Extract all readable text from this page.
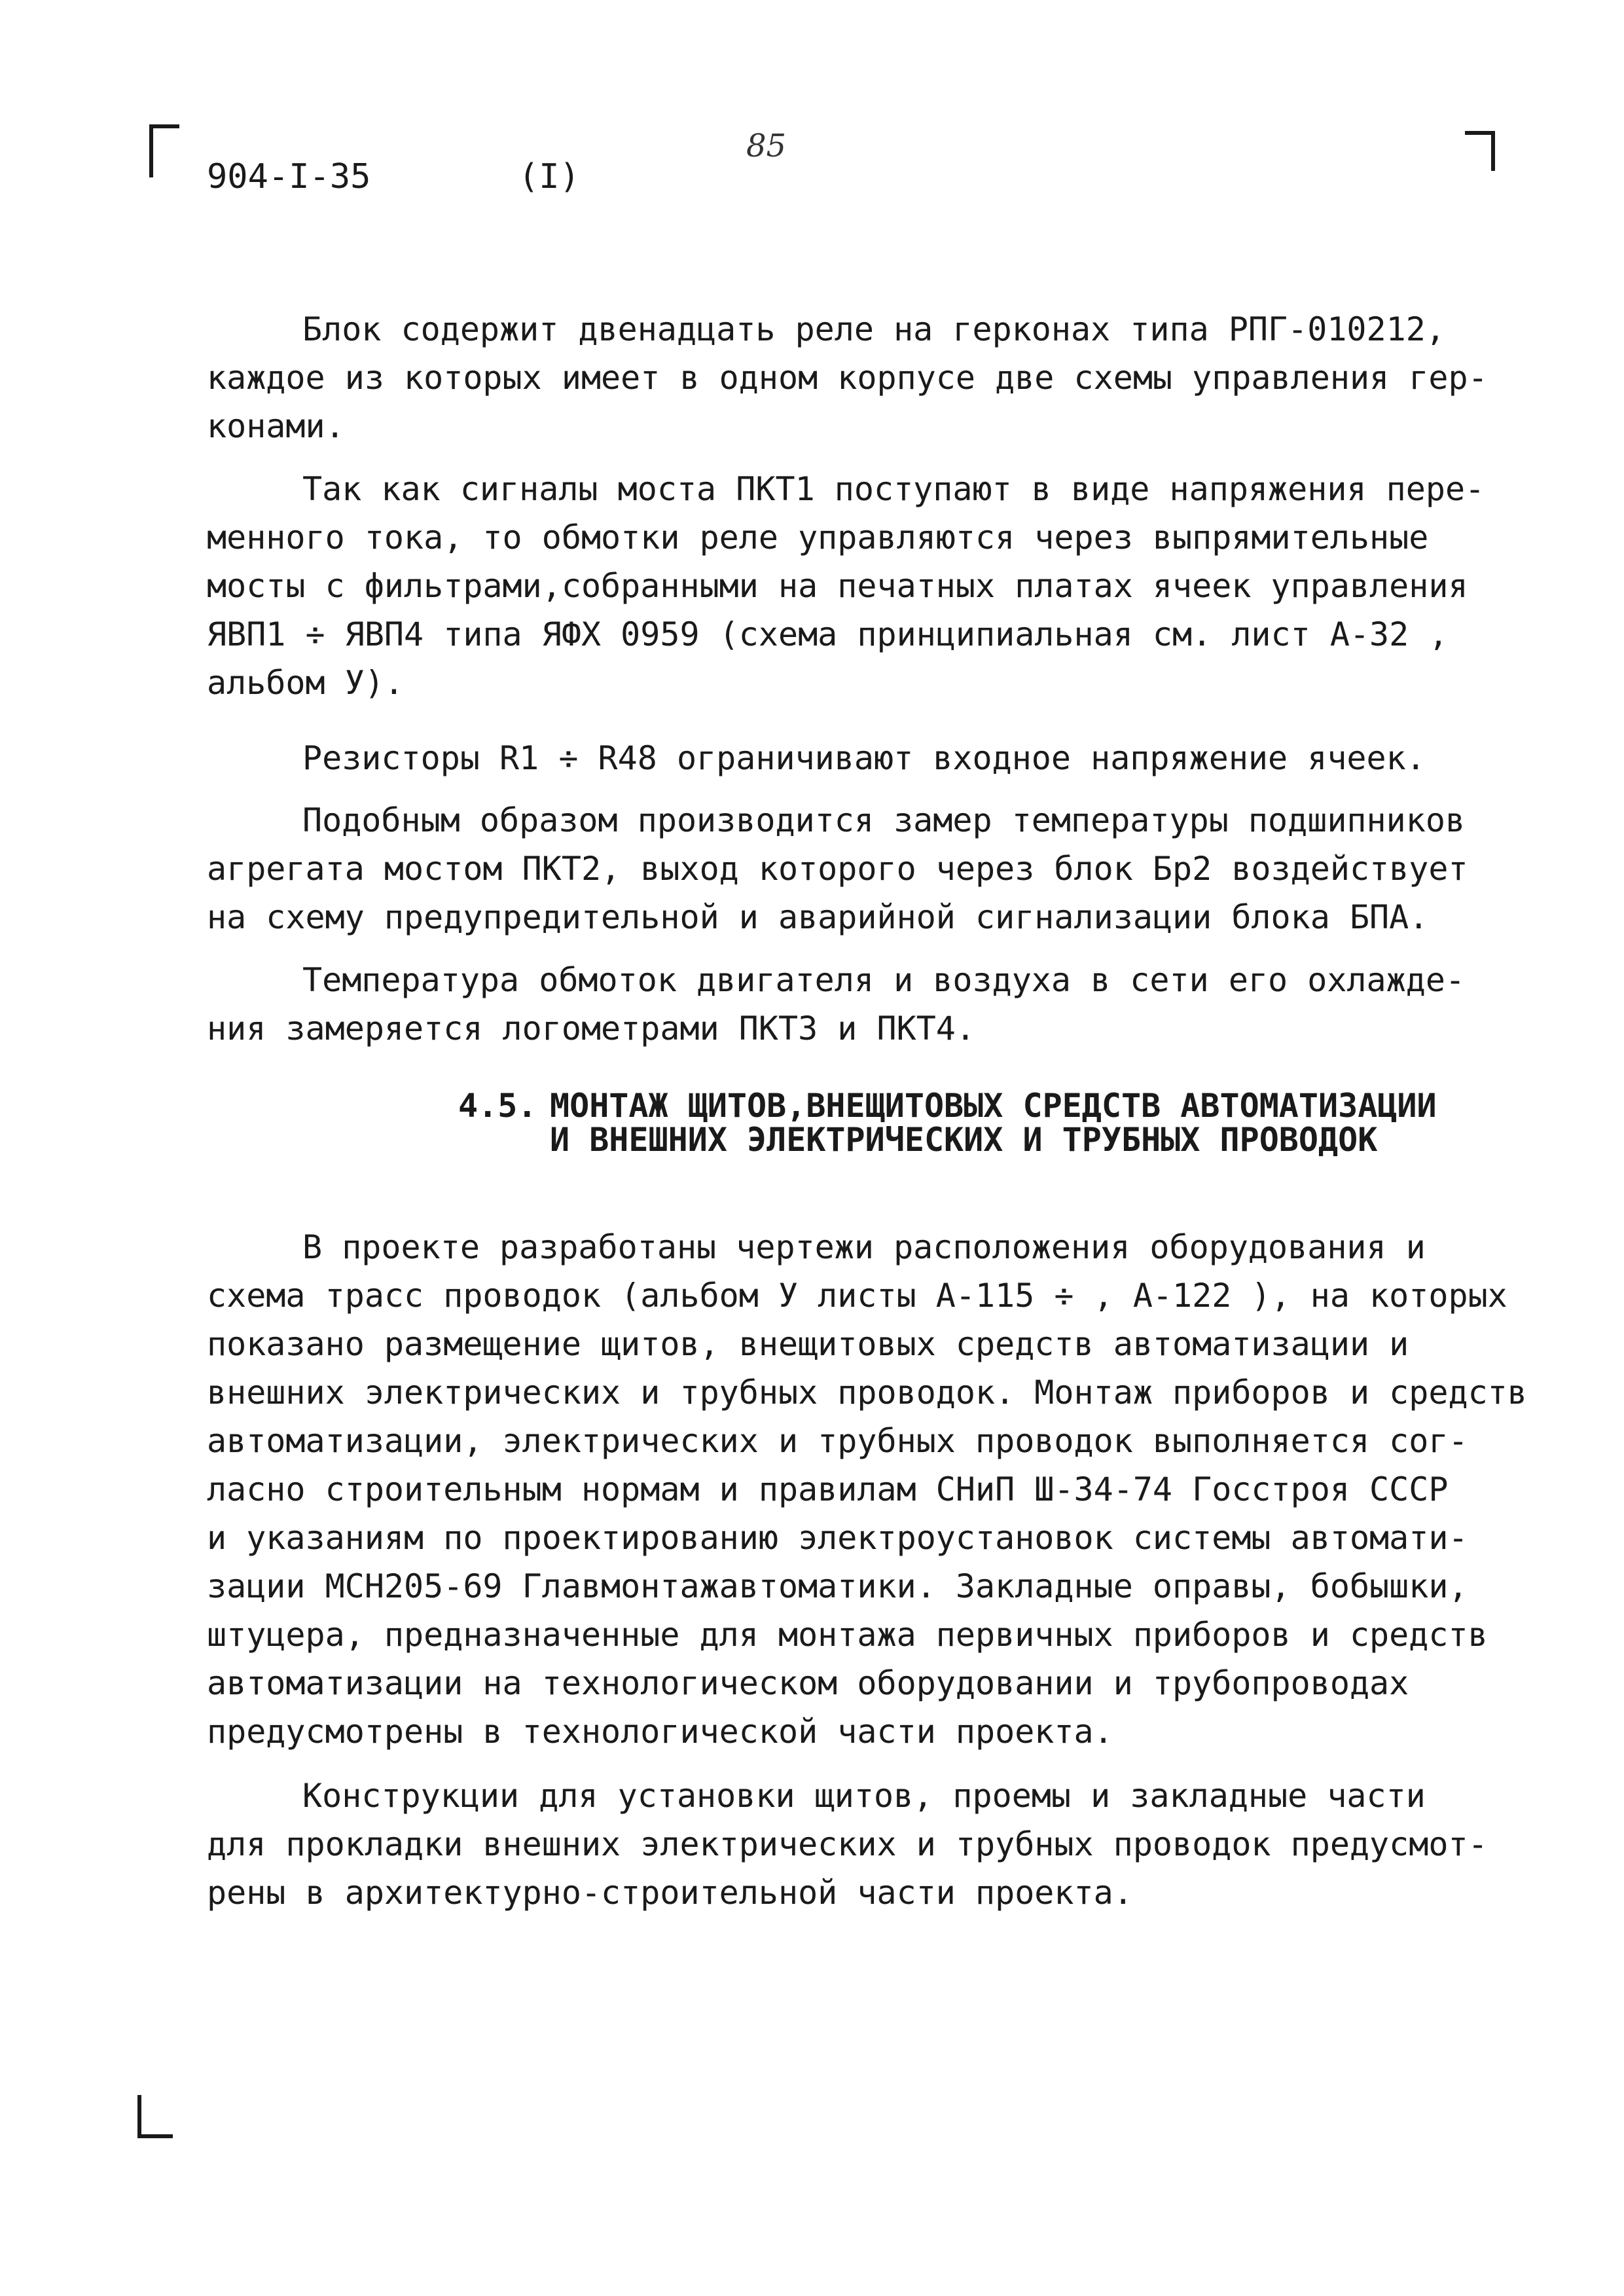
904-I-35	(I)
85
Блок содержит двенадцать реле на герконах типа РПГ-010212,
каждое из которых имеет в одном корпусе две схемы управления гер-
конами.
Так как сигналы моста ПКТ1 поступают в виде напряжения пере-
менного тока, то обмотки реле управляются через выпрямительные
мосты с фильтрами,собранными на печатных платах ячеек управления
ЯВП1 ÷ ЯВП4 типа ЯФХ 0959 (схема принципиальная см. лист А-32 ,
альбом У).
Резисторы R1 ÷ R48 ограничивают входное напряжение ячеек.
Подобным образом производится замер температуры подшипников
агрегата мостом ПКТ2, выход которого через блок Бр2 воздействует
на схему предупредительной и аварийной сигнализации блока БПА.
Температура обмоток двигателя и воздуха в сети его охлажде-
ния замеряется логометрами ПКТ3 и ПКТ4.
4.5. МОНТАЖ ЩИТОВ,ВНЕЩИТОВЫХ СРЕДСТВ АВТОМАТИЗАЦИИ
И ВНЕШНИХ ЭЛЕКТРИЧЕСКИХ И ТРУБНЫХ ПРОВОДОК
В проекте разработаны чертежи расположения оборудования и
схема трасс проводок (альбом У листы А-115 ÷ , А-122 ), на которых
показано размещение щитов, внещитовых средств автоматизации и
внешних электрических и трубных проводок. Монтаж приборов и средств
автоматизации, электрических и трубных проводок выполняется сог-
ласно строительным нормам и правилам СНиП Ш-34-74 Госстроя СССР
и указаниям по проектированию электроустановок системы автомати-
зации МСН205-69 Главмонтажавтоматики. Закладные оправы, бобышки,
штуцера, предназначенные для монтажа первичных приборов и средств
автоматизации на технологическом оборудовании и трубопроводах
предусмотрены в технологической части проекта.
Конструкции для установки щитов, проемы и закладные части
для прокладки внешних электрических и трубных проводок предусмот-
рены в архитектурно-строительной части проекта.
